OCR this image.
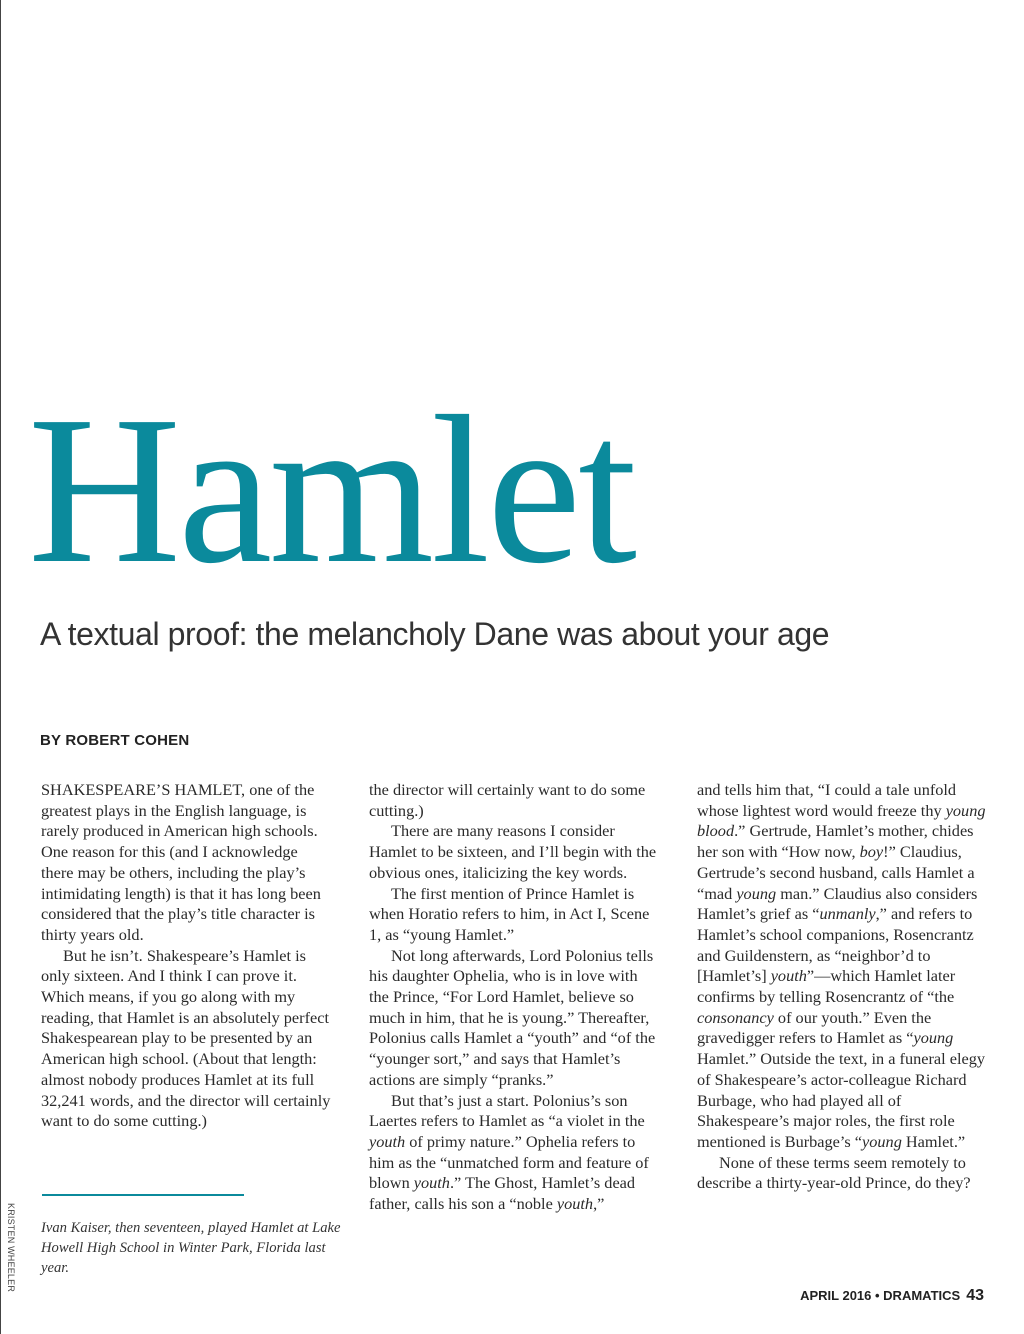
Hamlet
A textual proof: the melancholy Dane was about your age
BY ROBERT COHEN

SHAKESPEARE’S HAMLET, one of the greatest plays in the English language, is rarely produced in American high schools. One reason for this (and I acknowledge there may be others, including the play’s intimidating length) is that it has long been considered that the play’s title character is thirty years old.

But he isn’t. Shakespeare’s Hamlet is only sixteen. And I think I can prove it. Which means, if you go along with my reading, that Hamlet is an absolutely perfect Shakespearean play to be presented by an American high school. (About that length: almost nobody produces Hamlet at its full 32,241 words, and the director will certainly want to do some cutting.)

the director will certainly want to do some cutting.)

There are many reasons I consider Hamlet to be sixteen, and I’ll begin with the obvious ones, italicizing the key words.

The first mention of Prince Hamlet is when Horatio refers to him, in Act I, Scene 1, as “young Hamlet.”

Not long afterwards, Lord Polonius tells his daughter Ophelia, who is in love with the Prince, “For Lord Hamlet, believe so much in him, that he is young.” Thereafter, Polonius calls Hamlet a “youth” and “of the “younger sort,” and says that Hamlet’s actions are simply “pranks.”

But that’s just a start. Polonius’s son Laertes refers to Hamlet as “a violet in the youth of primy nature.” Ophelia refers to him as the “unmatched form and feature of blown youth.” The Ghost, Hamlet’s dead father, calls his son a “noble youth,”

and tells him that, “I could a tale unfold whose lightest word would freeze thy young blood.” Gertrude, Hamlet’s mother, chides her son with “How now, boy!” Claudius, Gertrude’s second husband, calls Hamlet a “mad young man.” Claudius also considers Hamlet’s grief as “unmanly,” and refers to Hamlet’s school companions, Rosencrantz and Guildenstern, as “neighbor’d to [Hamlet’s] youth”—which Hamlet later confirms by telling Rosencrantz of “the consonancy of our youth.” Even the gravedigger refers to Hamlet as “young Hamlet.” Outside the text, in a funeral elegy of Shakespeare’s actor-colleague Richard Burbage, who had played all of Shakespeare’s major roles, the first role mentioned is Burbage’s “young Hamlet.”

None of these terms seem remotely to describe a thirty-year-old Prince, do they?

Ivan Kaiser, then seventeen, played Hamlet at Lake Howell High School in Winter Park, Florida last year.
KRISTEN WHEELER
APRIL 2016 • DRAMATICS 43
